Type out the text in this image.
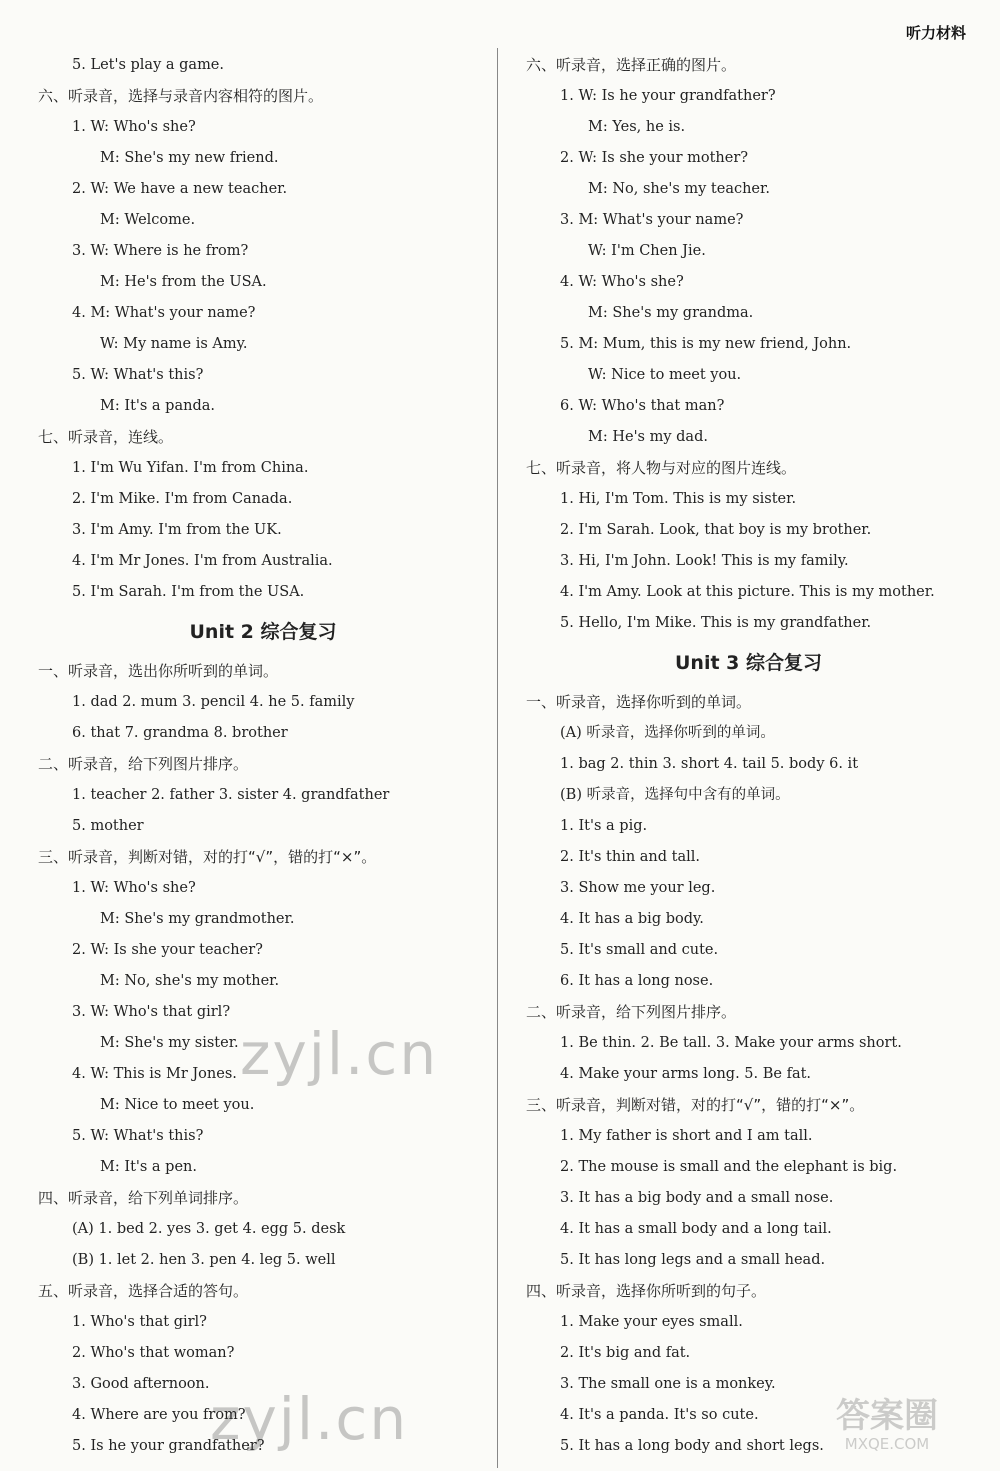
听力材料
5. Let's play a game.
六、听录音，选择与录音内容相符的图片。
1. W: Who's she?
M: She's my new friend.
2. W: We have a new teacher.
M: Welcome.
3. W: Where is he from?
M: He's from the USA.
4. M: What's your name?
W: My name is Amy.
5. W: What's this?
M: It's a panda.
七、听录音，连线。
1. I'm Wu Yifan. I'm from China.
2. I'm Mike. I'm from Canada.
3. I'm Amy. I'm from the UK.
4. I'm Mr Jones. I'm from Australia.
5. I'm Sarah. I'm from the USA.
Unit 2 综合复习
一、听录音，选出你所听到的单词。
1. dad 2. mum 3. pencil 4. he 5. family
6. that 7. grandma 8. brother
二、听录音，给下列图片排序。
1. teacher 2. father 3. sister 4. grandfather
5. mother
三、听录音，判断对错，对的打“√”，错的打“×”。
1. W: Who's she?
M: She's my grandmother.
2. W: Is she your teacher?
M: No, she's my mother.
3. W: Who's that girl?
M: She's my sister.
4. W: This is Mr Jones.
M: Nice to meet you.
5. W: What's this?
M: It's a pen.
四、听录音，给下列单词排序。
(A) 1. bed 2. yes 3. get 4. egg 5. desk
(B) 1. let 2. hen 3. pen 4. leg 5. well
五、听录音，选择合适的答句。
1. Who's that girl?
2. Who's that woman?
3. Good afternoon.
4. Where are you from?
5. Is he your grandfather?
六、听录音，选择正确的图片。
1. W: Is he your grandfather?
M: Yes, he is.
2. W: Is she your mother?
M: No, she's my teacher.
3. M: What's your name?
W: I'm Chen Jie.
4. W: Who's she?
M: She's my grandma.
5. M: Mum, this is my new friend, John.
W: Nice to meet you.
6. W: Who's that man?
M: He's my dad.
七、听录音，将人物与对应的图片连线。
1. Hi, I'm Tom. This is my sister.
2. I'm Sarah. Look, that boy is my brother.
3. Hi, I'm John. Look! This is my family.
4. I'm Amy. Look at this picture. This is my mother.
5. Hello, I'm Mike. This is my grandfather.
Unit 3 综合复习
一、听录音，选择你听到的单词。
(A) 听录音，选择你听到的单词。
1. bag 2. thin 3. short 4. tail 5. body 6. it
(B) 听录音，选择句中含有的单词。
1. It's a pig.
2. It's thin and tall.
3. Show me your leg.
4. It has a big body.
5. It's small and cute.
6. It has a long nose.
二、听录音，给下列图片排序。
1. Be thin. 2. Be tall. 3. Make your arms short.
4. Make your arms long. 5. Be fat.
三、听录音，判断对错，对的打“√”，错的打“×”。
1. My father is short and I am tall.
2. The mouse is small and the elephant is big.
3. It has a big body and a small nose.
4. It has a small body and a long tail.
5. It has long legs and a small head.
四、听录音，选择你所听到的句子。
1. Make your eyes small.
2. It's big and fat.
3. The small one is a monkey.
4. It's a panda. It's so cute.
5. It has a long body and short legs.
zyjl.cn
zyjl.cn	答案圈
MXQE.COM
